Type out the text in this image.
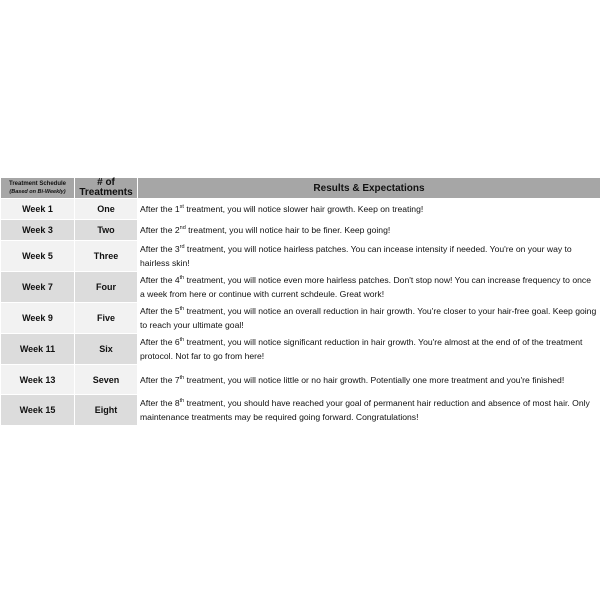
Treatment Schedule
(Based on Bi-Weekly)	# of Treatments	Results & Expectations
Week 1	One	After the 1st treatment, you will notice slower hair growth. Keep on treating!
Week 3	Two	After the 2nd treatment, you will notice hair to be finer. Keep going!
Week 5	Three	After the 3rd treatment, you will notice hairless patches. You can incease intensity if needed. You're on your way to hairless skin!
Week 7	Four	After the 4th treatment, you will notice even more hairless patches. Don't stop now! You can increase frequency to once a week from here or continue with current schdeule. Great work!
Week 9	Five	After the 5th treatment, you will notice an overall reduction in hair growth. You're closer to your hair-free goal. Keep going to reach your ultimate goal!
Week 11	Six	After the 6th treatment, you will notice significant reduction in hair growth. You're almost at the end of of the treatment protocol. Not far to go from here!
Week 13	Seven	After the 7th treatment, you will notice little or no hair growth. Potentially one more treatment and you're finished!
Week 15	Eight	After the 8th treatment, you should have reached your goal of permanent hair reduction and absence of most hair. Only maintenance treatments may be required going forward. Congratulations!
